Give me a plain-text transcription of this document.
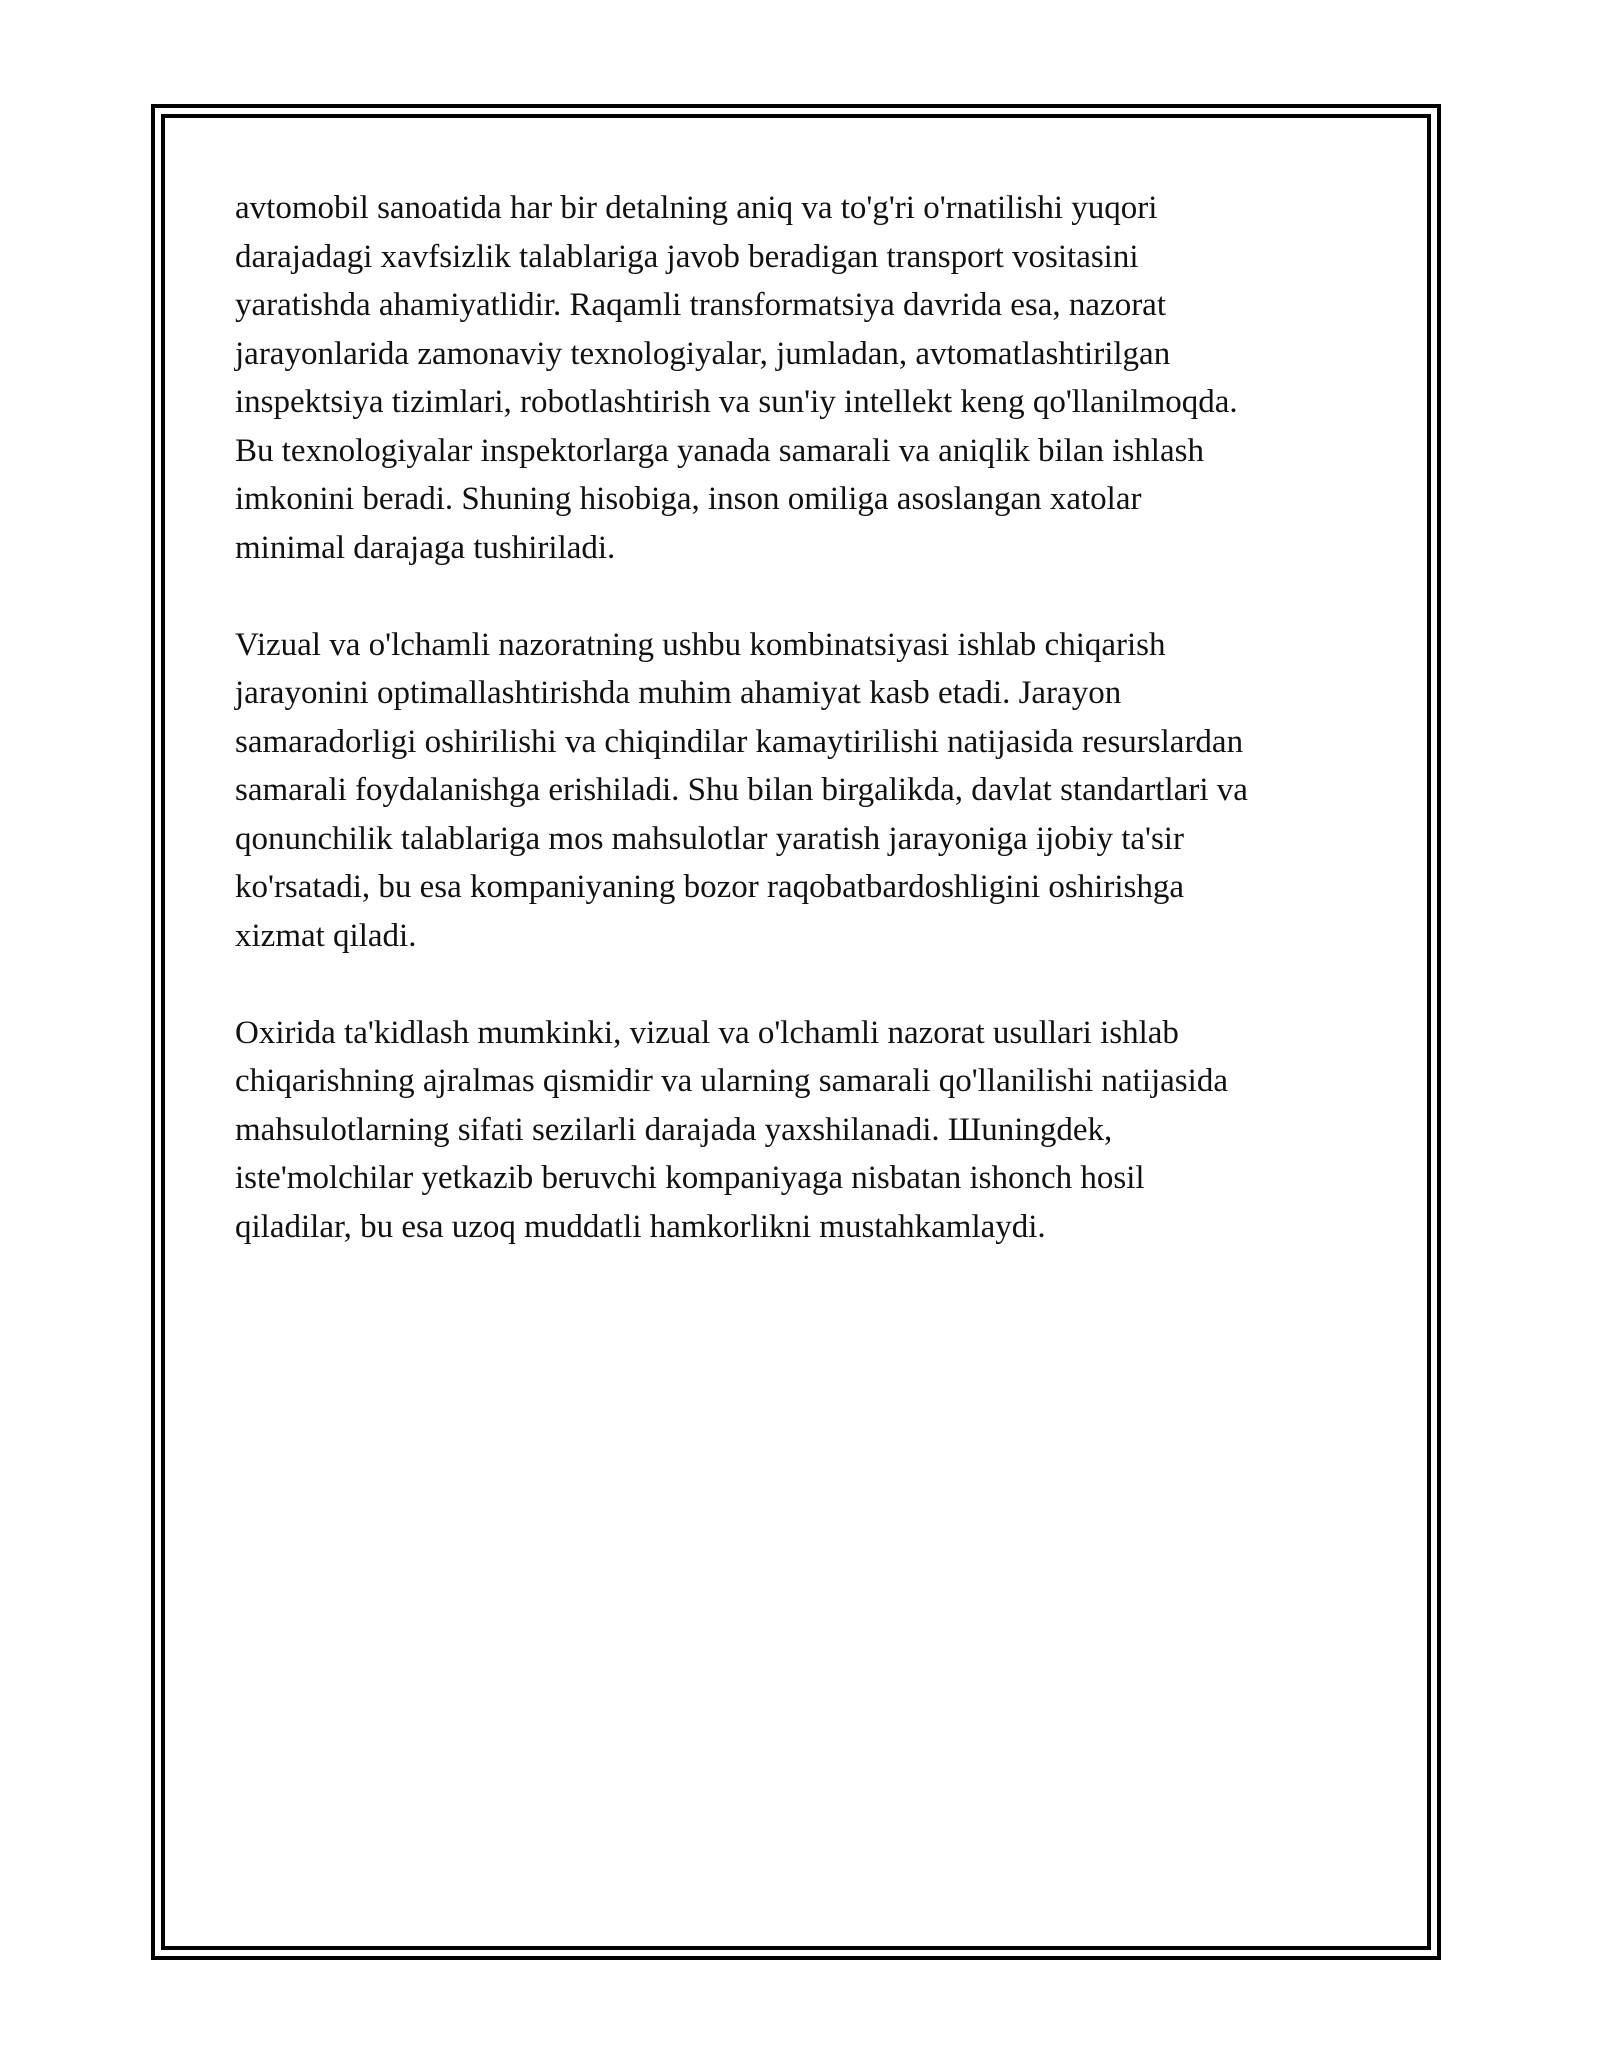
avtomobil sanoatida har bir detalning aniq va to'g'ri o'rnatilishi yuqori
darajadagi xavfsizlik talablariga javob beradigan transport vositasini
yaratishda ahamiyatlidir. Raqamli transformatsiya davrida esa, nazorat
jarayonlarida zamonaviy texnologiyalar, jumladan, avtomatlashtirilgan
inspektsiya tizimlari, robotlashtirish va sun'iy intellekt keng qo'llanilmoqda.
Bu texnologiyalar inspektorlarga yanada samarali va aniqlik bilan ishlash
imkonini beradi. Shuning hisobiga, inson omiliga asoslangan xatolar
minimal darajaga tushiriladi.

Vizual va o'lchamli nazoratning ushbu kombinatsiyasi ishlab chiqarish
jarayonini optimallashtirishda muhim ahamiyat kasb etadi. Jarayon
samaradorligi oshirilishi va chiqindilar kamaytirilishi natijasida resurslardan
samarali foydalanishga erishiladi. Shu bilan birgalikda, davlat standartlari va
qonunchilik talablariga mos mahsulotlar yaratish jarayoniga ijobiy ta'sir
ko'rsatadi, bu esa kompaniyaning bozor raqobatbardoshligini oshirishga
xizmat qiladi.

Oxirida ta'kidlash mumkinki, vizual va o'lchamli nazorat usullari ishlab
chiqarishning ajralmas qismidir va ularning samarali qo'llanilishi natijasida
mahsulotlarning sifati sezilarli darajada yaxshilanadi. Шuningdek,
iste'molchilar yetkazib beruvchi kompaniyaga nisbatan ishonch hosil
qiladilar, bu esa uzoq muddatli hamkorlikni mustahkamlaydi.
